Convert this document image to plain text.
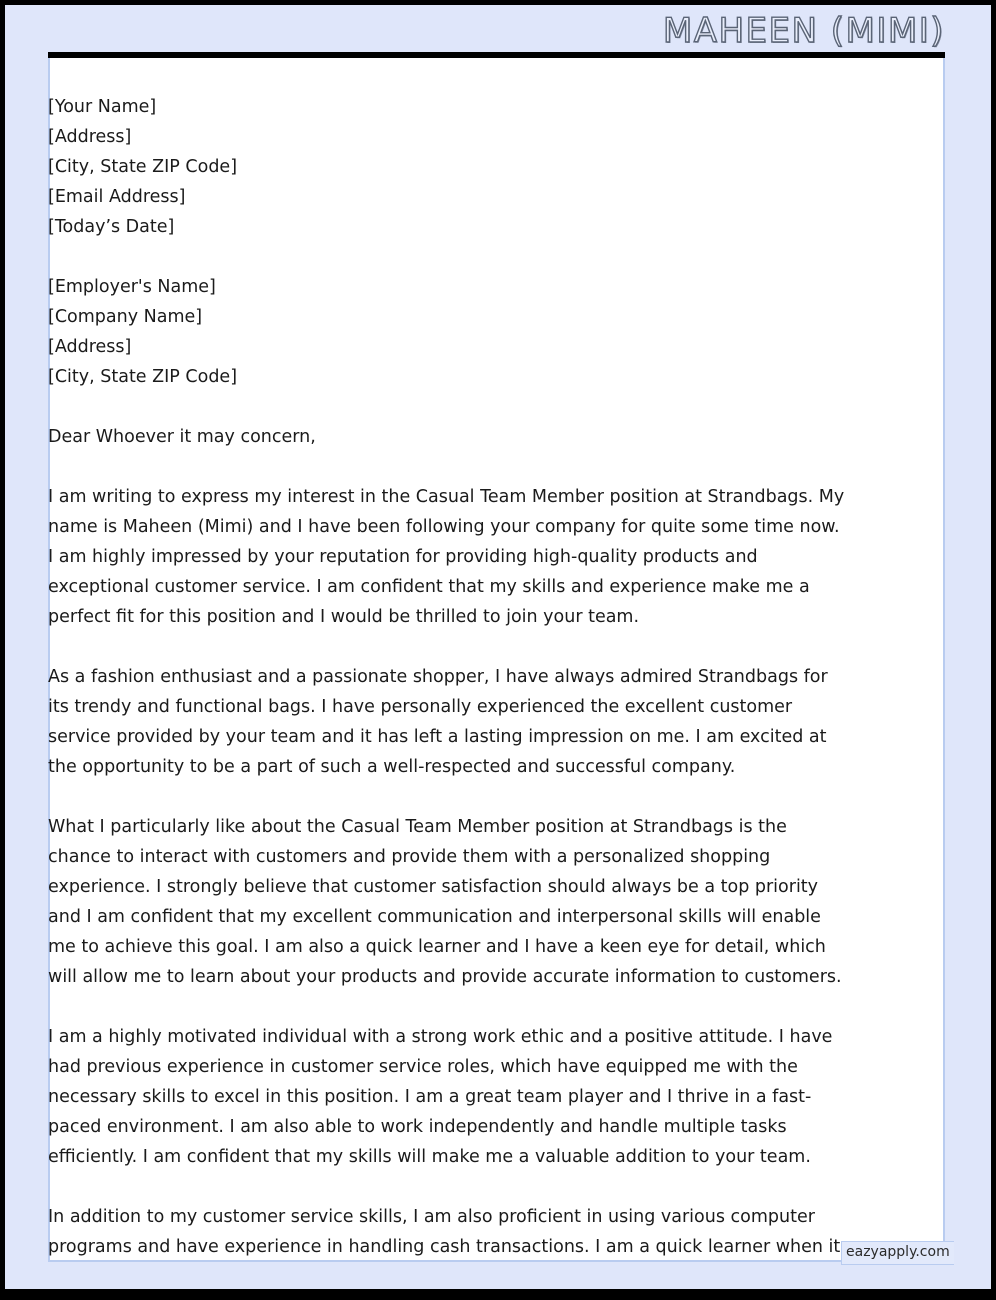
MAHEEN (MIMI)
[Your Name]
[Address]
[City, State ZIP Code]
[Email Address]
[Today’s Date]
[Employer's Name]
[Company Name]
[Address]
[City, State ZIP Code]

Dear Whoever it may concern,

I am writing to express my interest in the Casual Team Member position at Strandbags. My name is Maheen (Mimi) and I have been following your company for quite some time now. I am highly impressed by your reputation for providing high-quality products and exceptional customer service. I am confident that my skills and experience make me a perfect fit for this position and I would be thrilled to join your team.

As a fashion enthusiast and a passionate shopper, I have always admired Strandbags for its trendy and functional bags. I have personally experienced the excellent customer service provided by your team and it has left a lasting impression on me. I am excited at the opportunity to be a part of such a well-respected and successful company.

What I particularly like about the Casual Team Member position at Strandbags is the chance to interact with customers and provide them with a personalized shopping experience. I strongly believe that customer satisfaction should always be a top priority and I am confident that my excellent communication and interpersonal skills will enable me to achieve this goal. I am also a quick learner and I have a keen eye for detail, which will allow me to learn about your products and provide accurate information to customers.

I am a highly motivated individual with a strong work ethic and a positive attitude. I have had previous experience in customer service roles, which have equipped me with the necessary skills to excel in this position. I am a great team player and I thrive in a fast-paced environment. I am also able to work independently and handle multiple tasks efficiently. I am confident that my skills will make me a valuable addition to your team.

In addition to my customer service skills, I am also proficient in using various computer programs and have experience in handling cash transactions. I am a quick learner when it eazyapply.com
